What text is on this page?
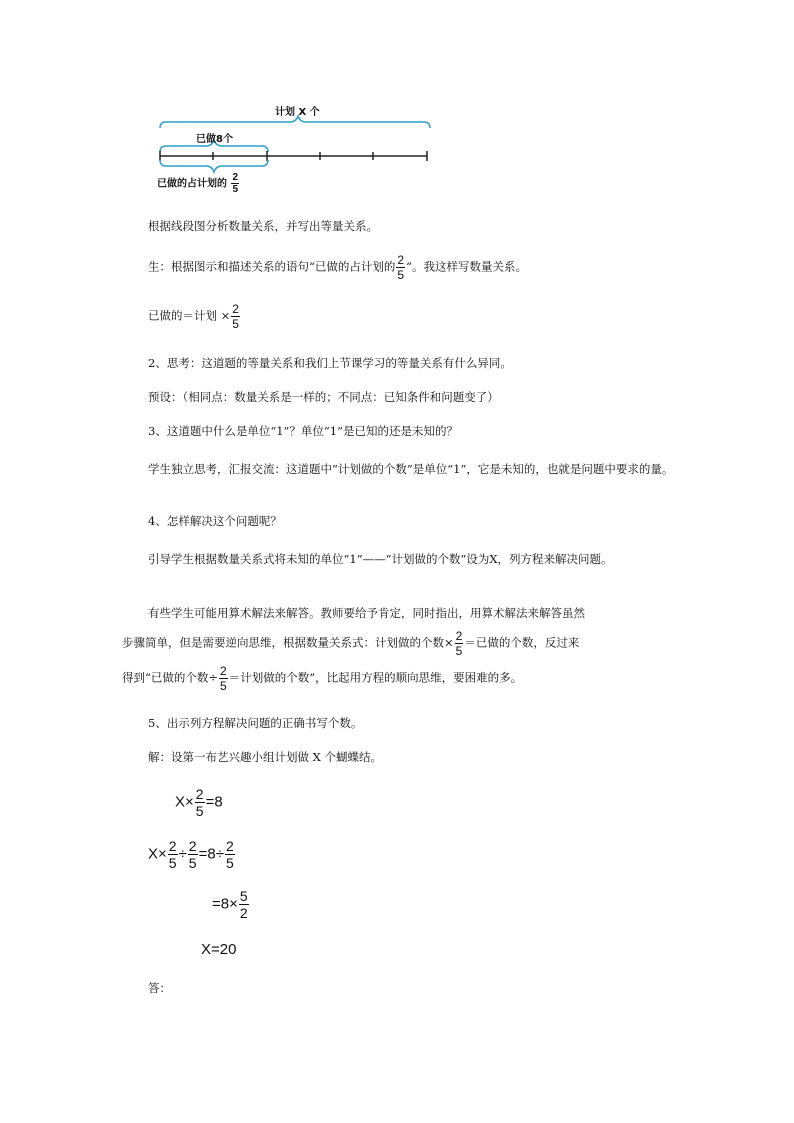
计划 X 个
已做8个
已做的占计划的 $\frac{2}{5}$
根据线段图分析数量关系，并写出等量关系。
生：根据图示和描述关系的语句“已做的占计划的 $\frac{2}{5}$ ”。我这样写数量关系。
已做的＝计划 × $\frac{2}{5}$
2、思考：这道题的等量关系和我们上节课学习的等量关系有什么异同。
预设：（相同点：数量关系是一样的；不同点：已知条件和问题变了）
3、这道题中什么是单位“1”？单位“1”是已知的还是未知的？
学生独立思考，汇报交流：这道题中“计划做的个数”是单位“1”，它是未知的，也就是问题中要求的量。
4、怎样解决这个问题呢？
引导学生根据数量关系式将未知的单位“1”——“计划做的个数”设为X，列方程来解决问题。
有些学生可能用算术解法来解答。教师要给予肯定，同时指出，用算术解法来解答虽然
步骤简单，但是需要逆向思维，根据数量关系式：计划做的个数× $\frac{2}{5}$ ＝已做的个数，反过来
得到“已做的个数÷ $\frac{2}{5}$ ＝计划做的个数”，比起用方程的顺向思维，要困难的多。
5、出示列方程解决问题的正确书写个数。
解：设第一布艺兴趣小组计划做 X 个蝴蝶结。
$X\times \frac{2}{5} =8$
$X\times \frac{2}{5} \div \frac{2}{5} =8\div \frac{2}{5}$
$=8\times \frac{5}{2}$
X=20
答：
